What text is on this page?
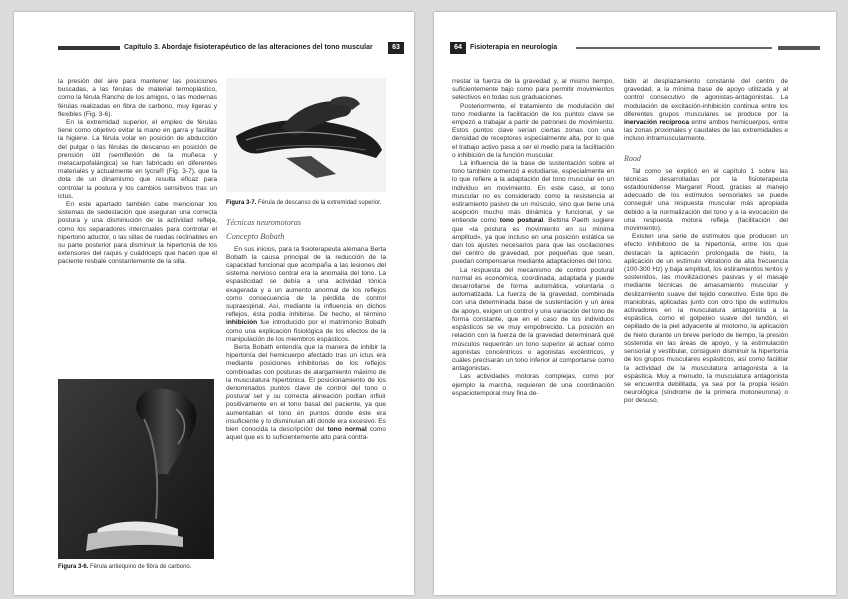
Capítulo 3. Abordaje fisioterapéutico de las alteraciones del tono muscular	63

la presión del aire para mantener las posiciones buscadas, a las férulas de material termoplástico, como la férula Rancho de los amigos, o las modernas férulas realizadas en fibra de carbono, muy ligeras y flexibles (Fig. 3-6).

En la extremidad superior, el empleo de férulas tiene como objetivo evitar la mano en garra y facilitar la higiene. La férula volar en posición de abducción del pulgar o las férulas de descanso en posición de prensión útil (semiflexión de la muñeca y metacarpofalángica) se han fabricado en diferentes materiales y actualmente en lycra® (Fig. 3-7), que la dota de un dinamismo que resulta eficaz para controlar la postura y los cambios sensitivos tras un ictus.

En este apartado también cabe mencionar los sistemas de sedestación que aseguran una correcta postura y una disminución de la actividad refleja, como los separadores intercruales para controlar el hipertono aductor, o las sillas de ruedas reclinables en su parte posterior para disminuir la hipertonía de los extensores del raquis y cuádriceps que hacen que el paciente resbale constantemente de la silla.

Figura 3-6. Férula antiequino de fibra de carbono.
Figura 3-7. Férula de descanso de la extremidad superior.
Técnicas neuromotoras
Concepto Bobath

En sus inicios, para la fisioterapeuta alemana Berta Bobath la causa principal de la reducción de la capacidad funcional que acompaña a las lesiones del sistema nervioso central era la anomalía del tono. La espasticidad se debía a una actividad tónica exagerada y a un aumento anormal de los reflejos como consecuencia de la pérdida de control supraespinal. Así, mediante la influencia en dichos reflejos, ésta podía inhibirse. De hecho, el término inhibición fue introducido por el matrimonio Bobath como una explicación fisiológica de los efectos de la manipulación de los miembros espásticos.

Berta Bobath entendía que la manera de inhibir la hipertonía del hemicuerpo afectado tras un ictus era mediante posiciones inhibitorias de los reflejos combinadas con posturas de alargamiento máximo de la musculatura hipertónica. El posicionamiento de los denominados puntos clave de control del tono o postural set y su correcta alineación podían influir positivamente en el tono basal del paciente, ya que aumentaban el tono en puntos donde éste era insuficiente y lo disminuían allí donde era excesivo. Es bien conocida la descripción del tono normal como aquel que es lo suficientemente alto para contra-

64	Fisioterapia en neurología

rrestar la fuerza de la gravedad y, al mismo tiempo, suficientemente bajo como para permitir movimientos selectivos en todas sus graduaciones.

Posteriormente, el tratamiento de modulación del tono mediante la facilitación de los puntos clave se empezó a trabajar a partir de patrones de movimiento. Estos puntos clave serían ciertas zonas con una densidad de receptores especialmente alta, por lo que el trabajo activo pasa a ser el medio para la facilitación o inhibición de la función muscular.

La influencia de la base de sustentación sobre el tono también comenzó a estudiarse, especialmente en lo que refiere a la adaptación del tono muscular en un individuo en movimiento. En este caso, el tono muscular no es considerado como la resistencia al estiramiento pasivo de un músculo, sino que tiene una acepción mucho más dinámica y funcional, y se entiende como tono postural. Bettina Paeth sugiere que «la postura es movimiento en su mínima amplitud», ya que incluso en una posición estática se dan los ajustes necesarios para que las oscilaciones del centro de gravedad, por pequeñas que sean, puedan compensarse mediante adaptaciones del tono.

La respuesta del mecanismo de control postural normal es económica, coordinada, adaptada y puede desarrollarse de forma automática, voluntaria o automatizada. La fuerza de la gravedad, combinada con una determinada base de sustentación y un área de apoyo, exigen un control y una variación del tono de forma constante, que en el caso de los individuos espásticos se ve muy empobrecido. La posición en relación con la fuerza de la gravedad determinará qué músculos requerirán un tono superior al actuar como agonistas concéntricos o agonistas excéntricos, y cuáles precisarán un tono inferior al comportarse como antagonistas.

Las actividades motoras complejas, como por ejemplo la marcha, requieren de una coordinación espaciotemporal muy fina de-

bido al desplazamiento constante del centro de gravedad, a la mínima base de apoyo utilizada y al control consecutivo de agonistas-antagonistas. La modulación de excitación-inhibición continua entre los diferentes grupos musculares se produce por la inervación recíproca entre ambos hemicuerpos, entre las zonas proximales y caudales de las extremidades e incluso intramuscularmente.

Rood

Tal como se explicó en el capítulo 1 sobre las técnicas desarrolladas por la fisioterapeuta estadounidense Margaret Rood, gracias al manejo adecuado de los estímulos sensoriales se puede conseguir una respuesta muscular más apropiada debido a la normalización del tono y a la evocación de una respuesta motora refleja (facilitación del movimiento).

Existen una serie de estímulos que producen un efecto inhibitorio de la hipertonía, entre los que destacan la aplicación prolongada de hielo, la aplicación de un estímulo vibratorio de alta frecuencia (100-300 Hz) y baja amplitud, los estiramientos lentos y sostenidos, las movilizaciones pasivas y el masaje mediante técnicas de amasamiento muscular y deslizamiento suave del tejido conectivo. Este tipo de maniobras, aplicadas junto con otro tipo de estímulos activadores en la musculatura antagonista a la espástica, como el golpeteo suave del tendón, el cepillado de la piel adyacente al miotomo, la aplicación de hielo durante un breve período de tiempo, la presión sostenida en las áreas de apoyo, y la estimulación sensorial y vestibular, consiguen disminuir la hipertonía de los grupos musculares espásticos, así como facilitar la actividad de la musculatura antagonista a la espástica. Muy a menudo, la musculatura antagonista se encuentra debilitada, ya sea por la propia lesión neurológica (síndrome de la primera motoneurona) o por desuso,
